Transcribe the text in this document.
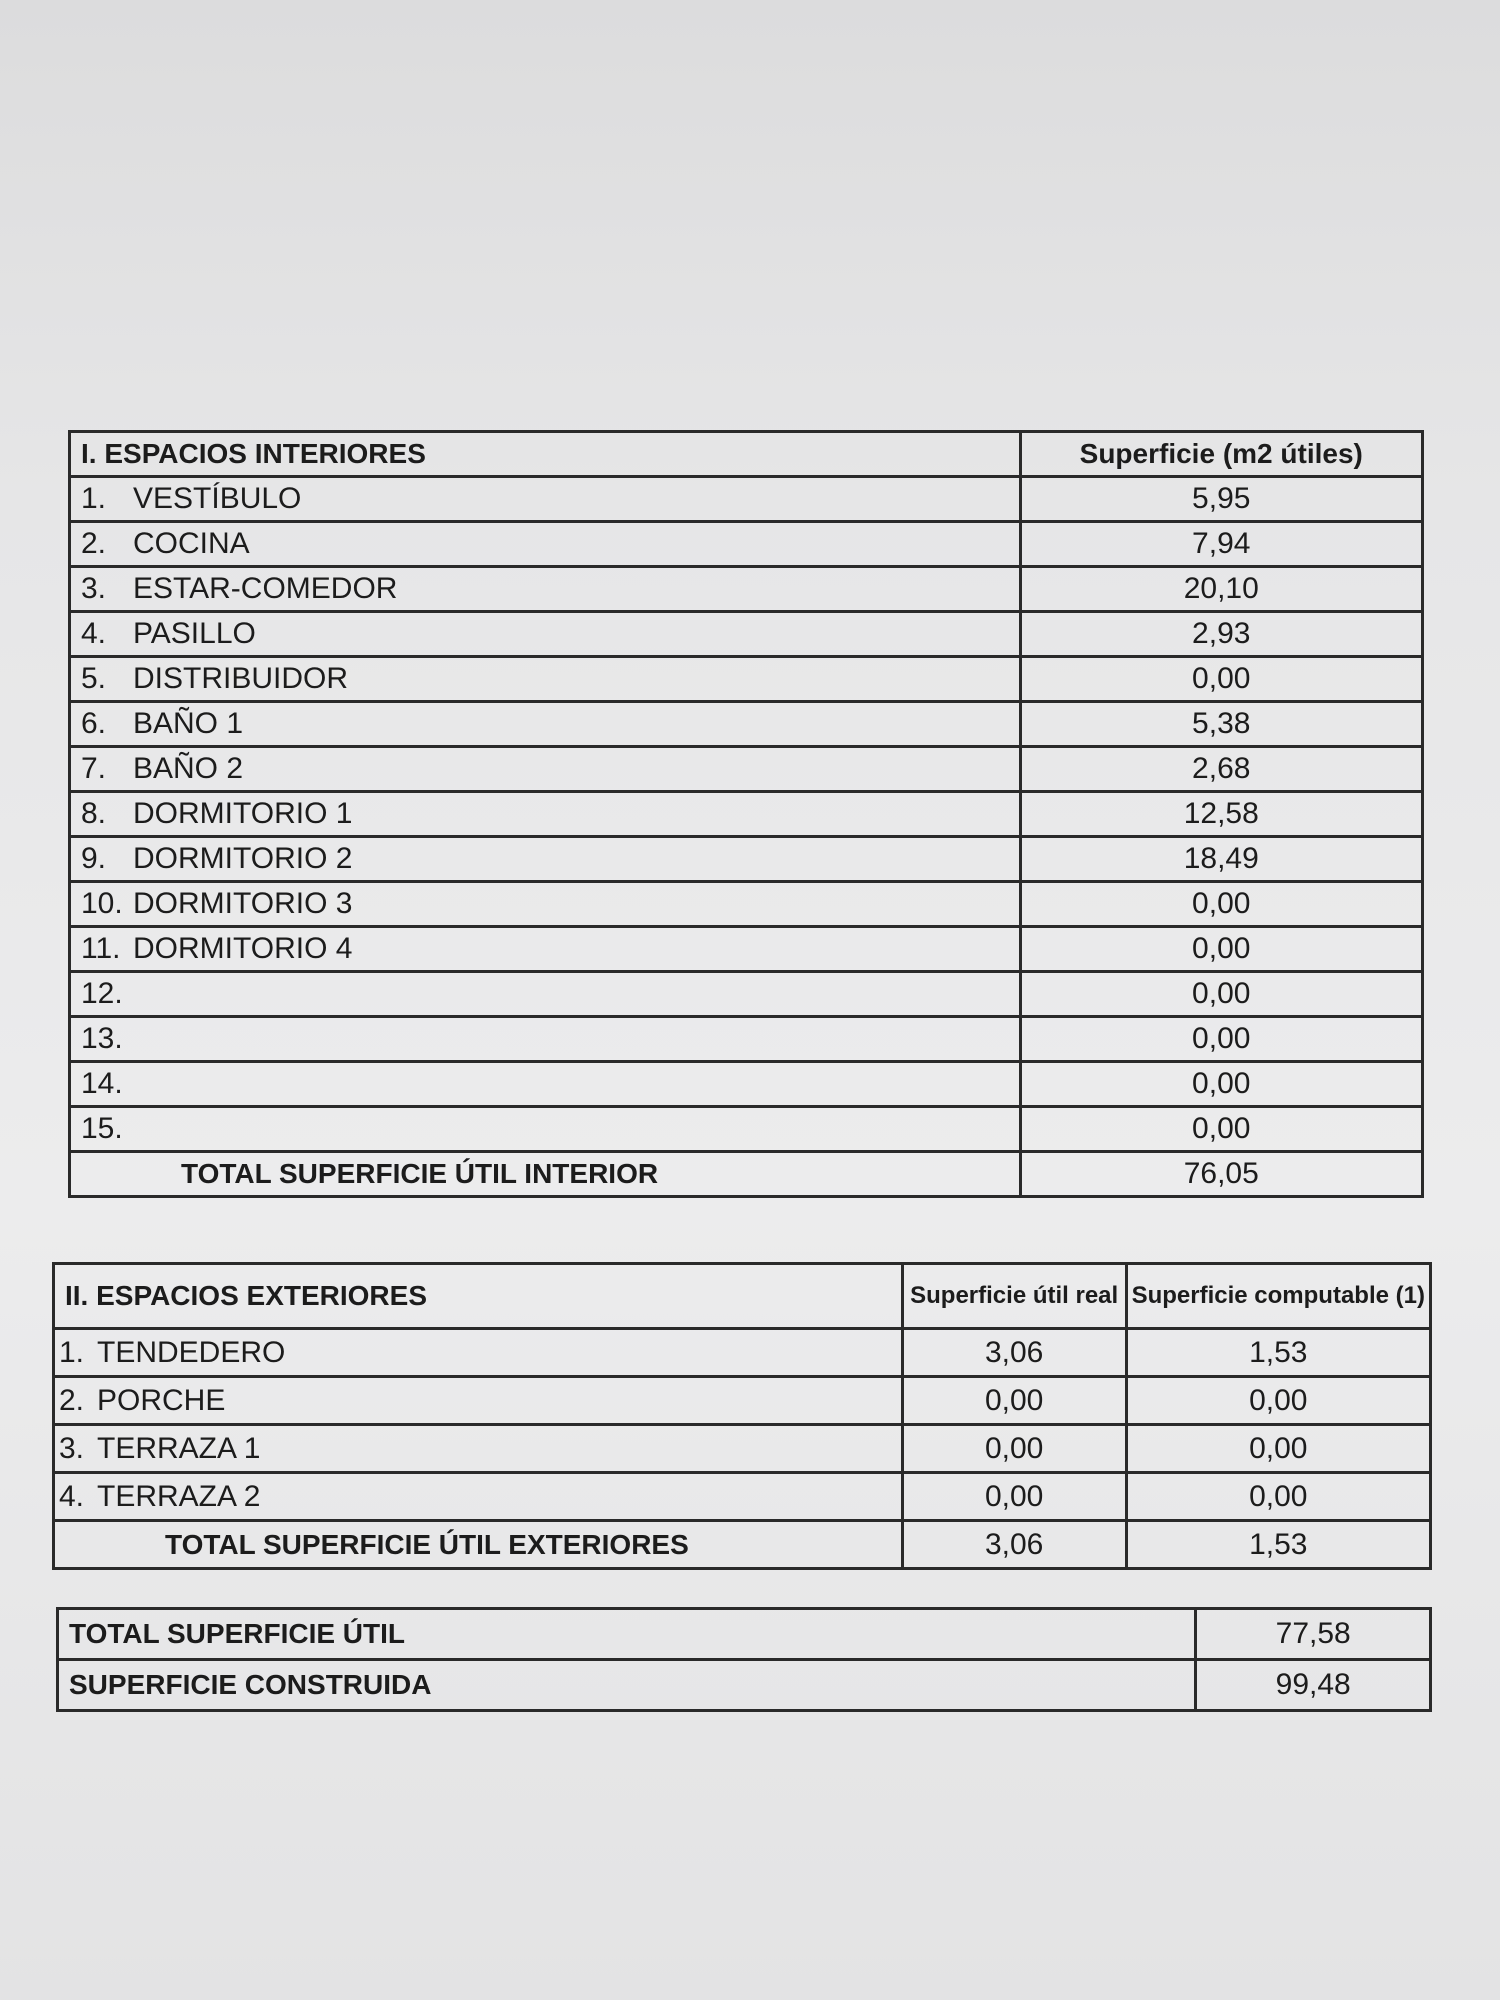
I. ESPACIOS INTERIORES	Superficie (m2 útiles)
1. VESTÍBULO	5,95
2. COCINA	7,94
3. ESTAR-COMEDOR	20,10
4. PASILLO	2,93
5. DISTRIBUIDOR	0,00
6. BAÑO 1	5,38
7. BAÑO 2	2,68
8. DORMITORIO 1	12,58
9. DORMITORIO 2	18,49
10. DORMITORIO 3	0,00
11. DORMITORIO 4	0,00
12.	0,00
13.	0,00
14.	0,00
15.	0,00
TOTAL SUPERFICIE ÚTIL INTERIOR	76,05
II. ESPACIOS EXTERIORES	Superficie útil real	Superficie computable (1)
1. TENDEDERO	3,06	1,53
2. PORCHE	0,00	0,00
3. TERRAZA 1	0,00	0,00
4. TERRAZA 2	0,00	0,00
TOTAL SUPERFICIE ÚTIL EXTERIORES	3,06	1,53
TOTAL SUPERFICIE ÚTIL	77,58
SUPERFICIE CONSTRUIDA	99,48
